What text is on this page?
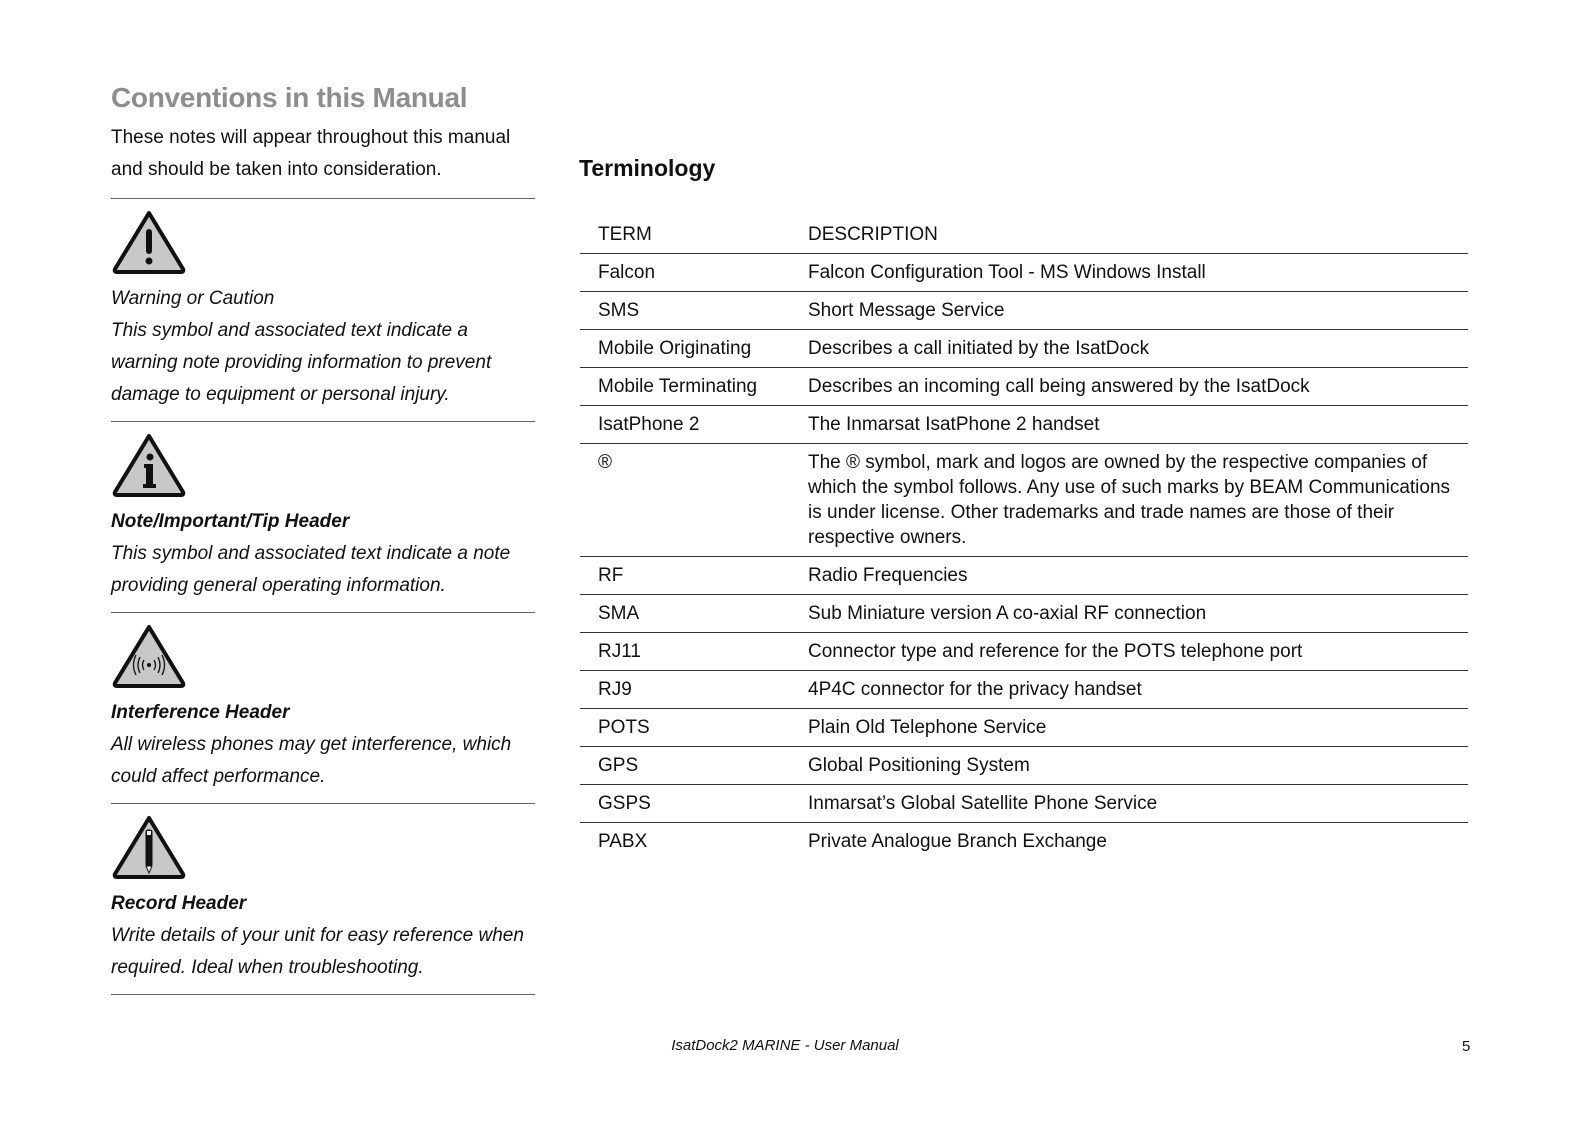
Conventions in this Manual

These notes will appear throughout this manual and should be taken into consideration.

Warning or Caution
This symbol and associated text indicate a warning note providing information to prevent damage to equipment or personal injury.
Note/Important/Tip Header
This symbol and associated text indicate a note providing general operating information.
Interference Header
All wireless phones may get interference, which could affect performance.
Record Header
Write details of your unit for easy reference when required. Ideal when troubleshooting.
Terminology
TERM	DESCRIPTION
Falcon	Falcon Configuration Tool - MS Windows Install
SMS	Short Message Service
Mobile Originating	Describes a call initiated by the IsatDock
Mobile Terminating	Describes an incoming call being answered by the IsatDock
IsatPhone 2	The Inmarsat IsatPhone 2 handset
®	The ® symbol, mark and logos are owned by the respective companies of which the symbol follows. Any use of such marks by BEAM Communications is under license. Other trademarks and trade names are those of their respective owners.
RF	Radio Frequencies
SMA	Sub Miniature version A co-axial RF connection
RJ11	Connector type and reference for the POTS telephone port
RJ9	4P4C connector for the privacy handset
POTS	Plain Old Telephone Service
GPS	Global Positioning System
GSPS	Inmarsat’s Global Satellite Phone Service
PABX	Private Analogue Branch Exchange
IsatDock2 MARINE - User Manual	5
